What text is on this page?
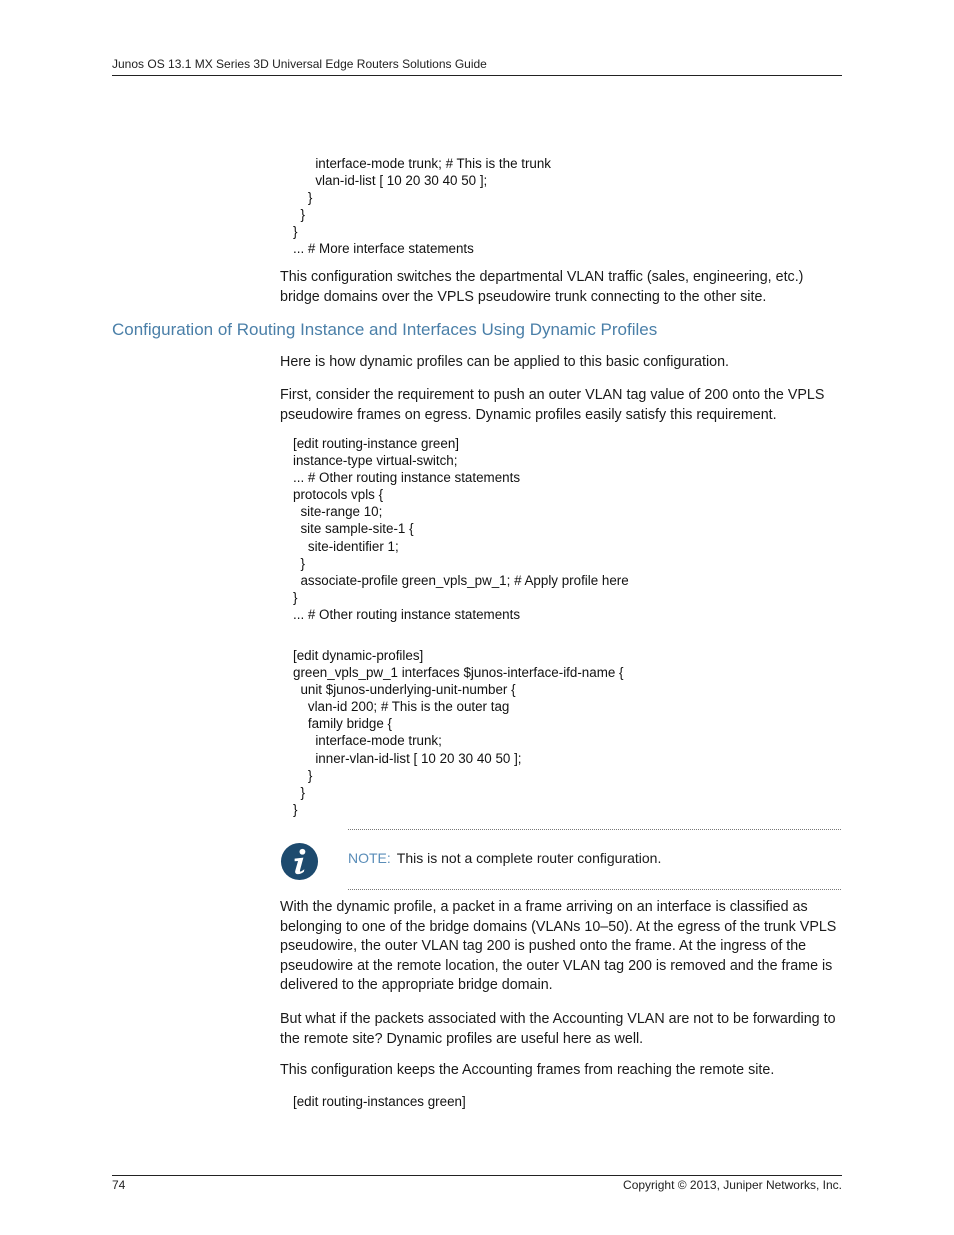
Junos OS 13.1 MX Series 3D Universal Edge Routers Solutions Guide
interface-mode trunk; # This is the trunk
vlan-id-list [ 10 20 30 40 50 ];
}
}
}
... # More interface statements

This configuration switches the departmental VLAN traffic (sales, engineering, etc.) bridge domains over the VPLS pseudowire trunk connecting to the other site.

Configuration of Routing Instance and Interfaces Using Dynamic Profiles

Here is how dynamic profiles can be applied to this basic configuration.

First, consider the requirement to push an outer VLAN tag value of 200 onto the VPLS pseudowire frames on egress. Dynamic profiles easily satisfy this requirement.

[edit routing-instance green]
instance-type virtual-switch;
... # Other routing instance statements
protocols vpls {
site-range 10;
site sample-site-1 {
site-identifier 1;
}
associate-profile green_vpls_pw_1; # Apply profile here
}
... # Other routing instance statements
[edit dynamic-profiles]
green_vpls_pw_1 interfaces $junos-interface-ifd-name {
unit $junos-underlying-unit-number {
vlan-id 200; # This is the outer tag
family bridge {
interface-mode trunk;
inner-vlan-id-list [ 10 20 30 40 50 ];
}
}
}
NOTE: This is not a complete router configuration.

With the dynamic profile, a packet in a frame arriving on an interface is classified as belonging to one of the bridge domains (VLANs 10–50). At the egress of the trunk VPLS pseudowire, the outer VLAN tag 200 is pushed onto the frame. At the ingress of the pseudowire at the remote location, the outer VLAN tag 200 is removed and the frame is delivered to the appropriate bridge domain.

But what if the packets associated with the Accounting VLAN are not to be forwarding to the remote site? Dynamic profiles are useful here as well.

This configuration keeps the Accounting frames from reaching the remote site.

[edit routing-instances green]
74	Copyright © 2013, Juniper Networks, Inc.
